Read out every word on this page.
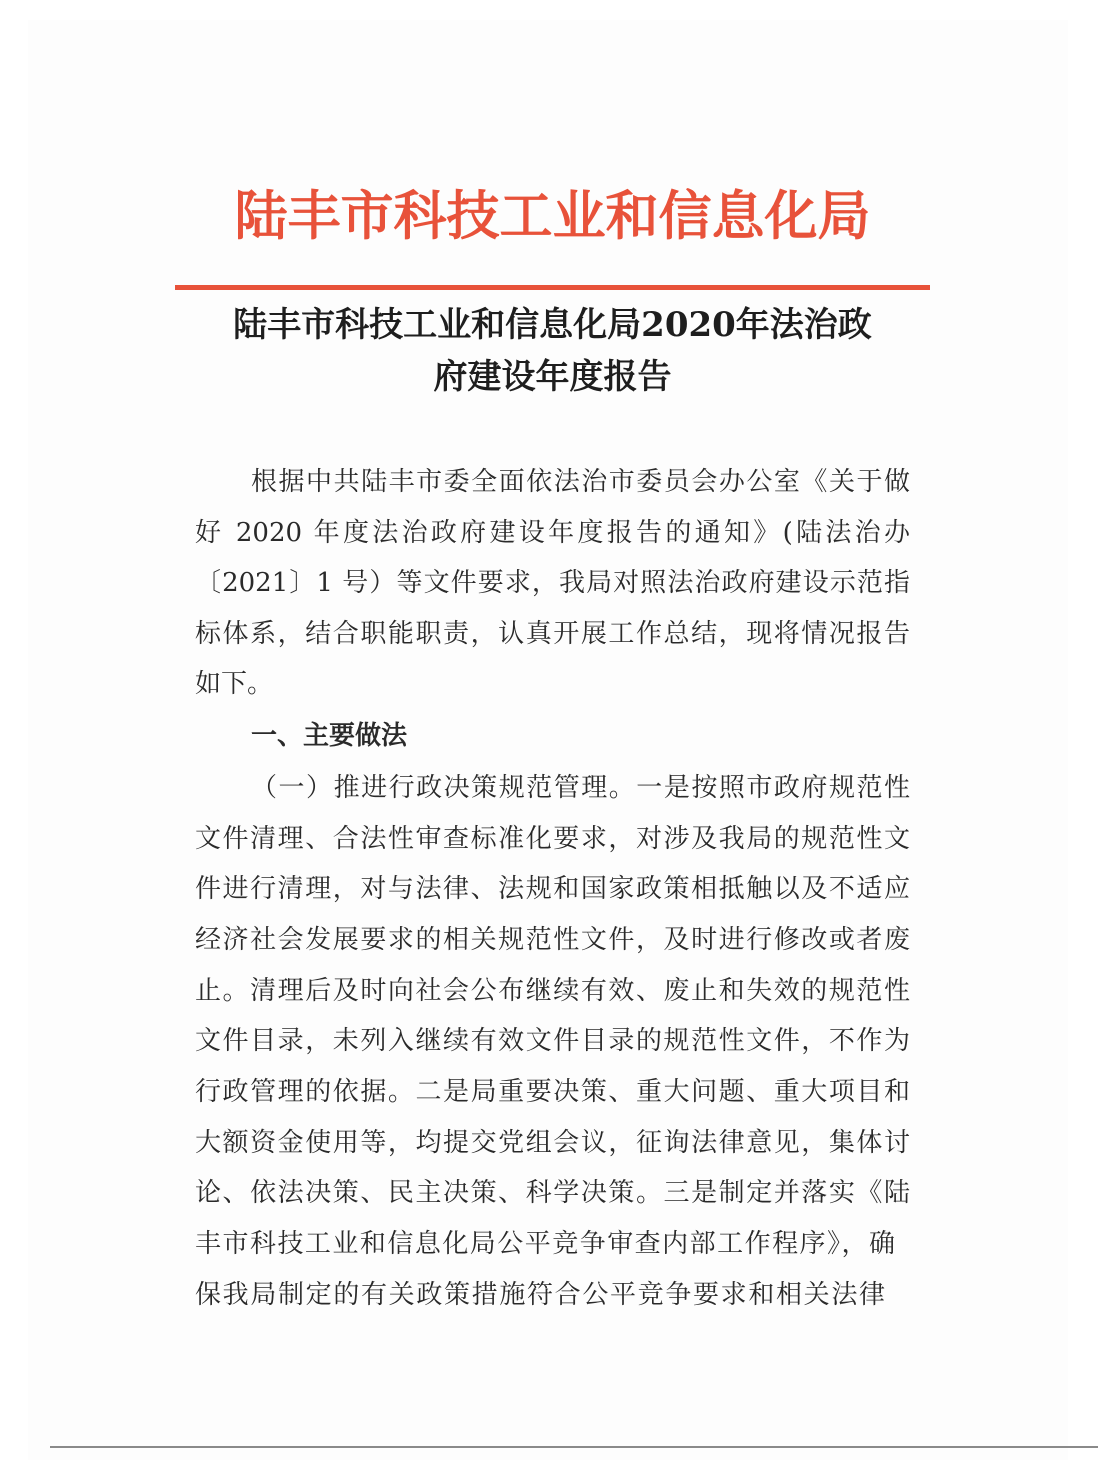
陆丰市科技工业和信息化局
陆丰市科技工业和信息化局2020年法治政
府建设年度报告
根据中共陆丰市委全面依法治市委员会办公室《关于做
好 2020 年度法治政府建设年度报告的通知》(陆法治办
〔2021〕1 号）等文件要求，我局对照法治政府建设示范指
标体系，结合职能职责，认真开展工作总结，现将情况报告
如下。
一、主要做法
（一）推进行政决策规范管理。一是按照市政府规范性
文件清理、合法性审查标准化要求，对涉及我局的规范性文
件进行清理，对与法律、法规和国家政策相抵触以及不适应
经济社会发展要求的相关规范性文件，及时进行修改或者废
止。清理后及时向社会公布继续有效、废止和失效的规范性
文件目录，未列入继续有效文件目录的规范性文件，不作为
行政管理的依据。二是局重要决策、重大问题、重大项目和
大额资金使用等，均提交党组会议，征询法律意见，集体讨
论、依法决策、民主决策、科学决策。三是制定并落实《陆
丰市科技工业和信息化局公平竞争审查内部工作程序》，确
保我局制定的有关政策措施符合公平竞争要求和相关法律
